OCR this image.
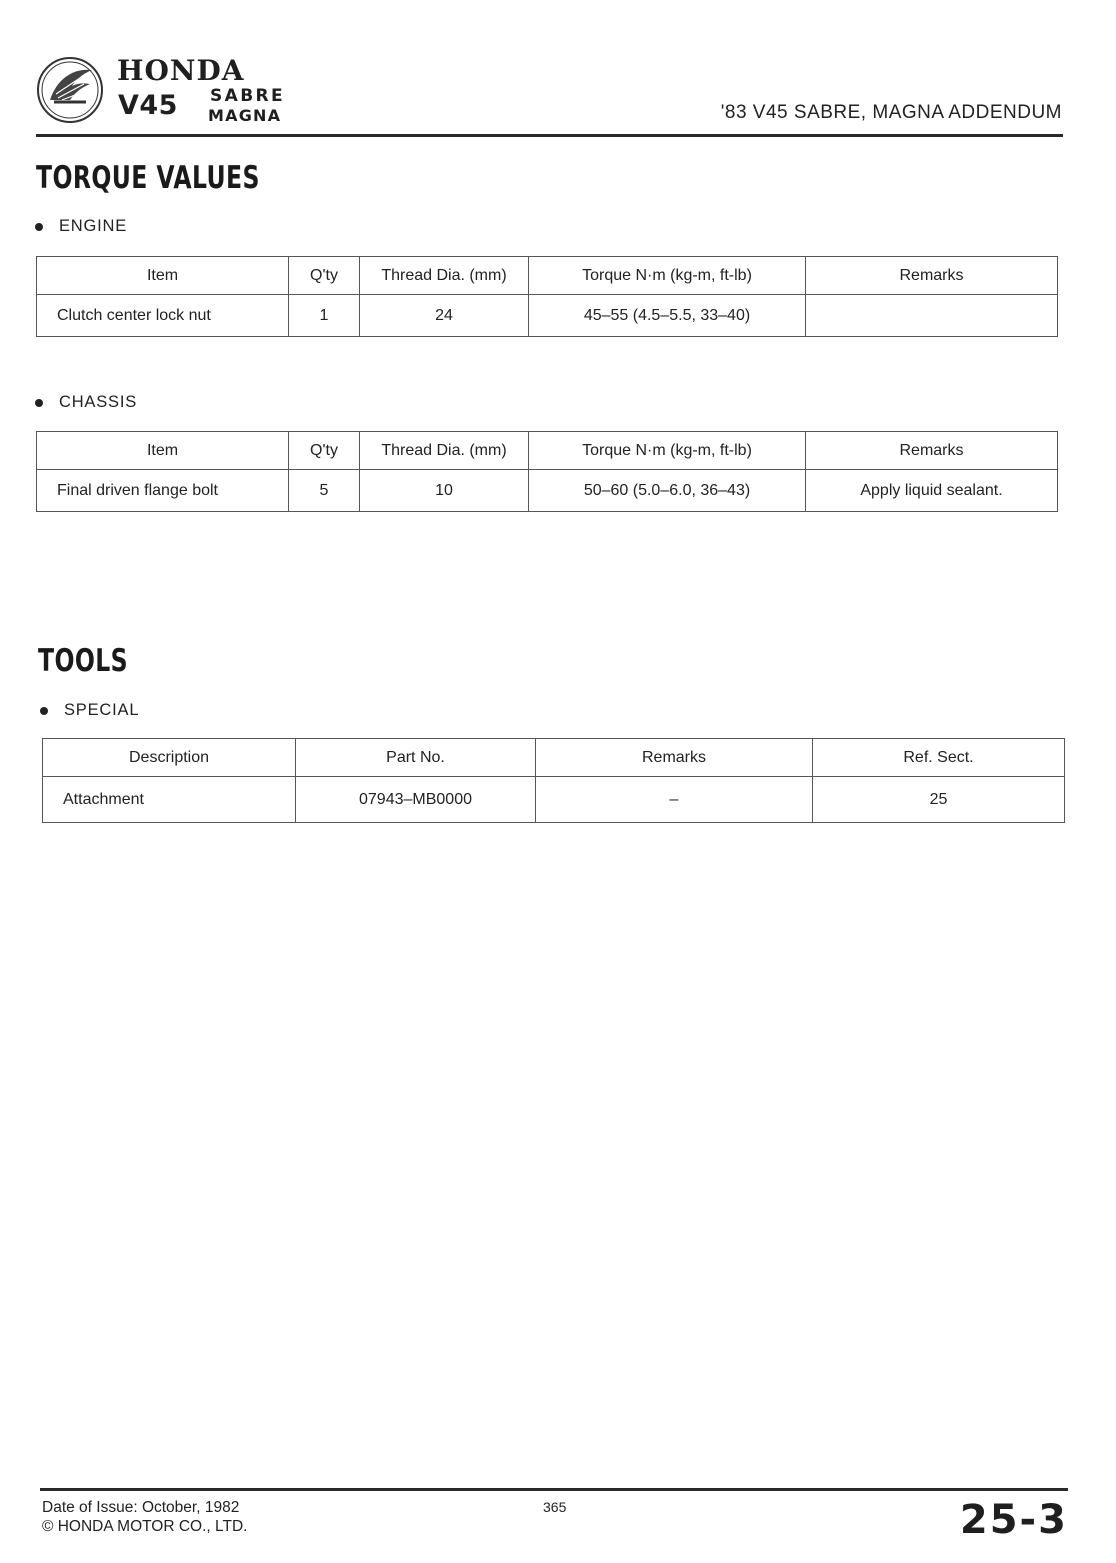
HONDA
V45 SABRE
MAGNA	'83 V45 SABRE, MAGNA ADDENDUM
TORQUE VALUES
ENGINE
Item	Q'ty	Thread Dia. (mm)	Torque N·m (kg-m, ft-lb)	Remarks
Clutch center lock nut	1	24	45–55 (4.5–5.5, 33–40)	
CHASSIS
Item	Q'ty	Thread Dia. (mm)	Torque N·m (kg-m, ft-lb)	Remarks
Final driven flange bolt	5	10	50–60 (5.0–6.0, 36–43)	Apply liquid sealant.
TOOLS
SPECIAL
Description	Part No.	Remarks	Ref. Sect.
Attachment	07943–MB0000	–	25
Date of Issue: October, 1982
© HONDA MOTOR CO., LTD.
365	25-3
